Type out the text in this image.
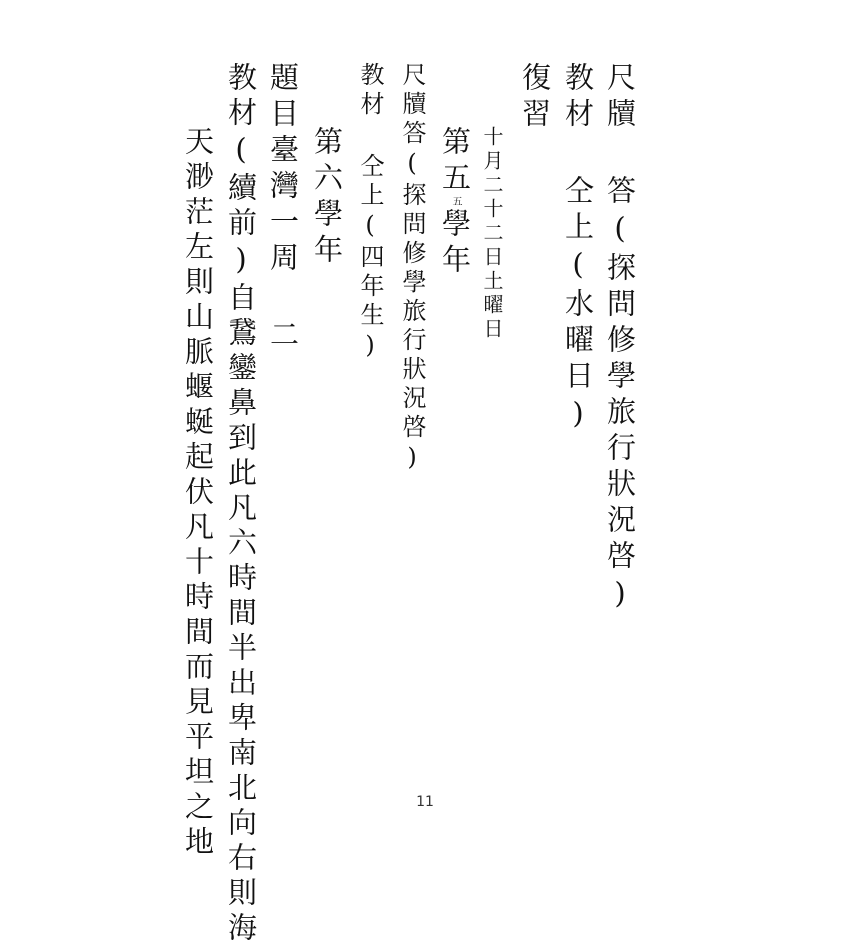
尺牘 答(探問修學旅行狀況啓)
教材 仝上(水曜日)
復習
十月二十二日土曜日
第五五學年
尺牘答(探問修學旅行狀況啓)
教材 仝上(四年生)
第六學年
題目臺灣一周 二
教材(續前)自鵞鑾鼻到此凡六時間半出卑南北向右則海
天渺茫左則山脈蝘蜒起伏凡十時間而見平坦之地	11
